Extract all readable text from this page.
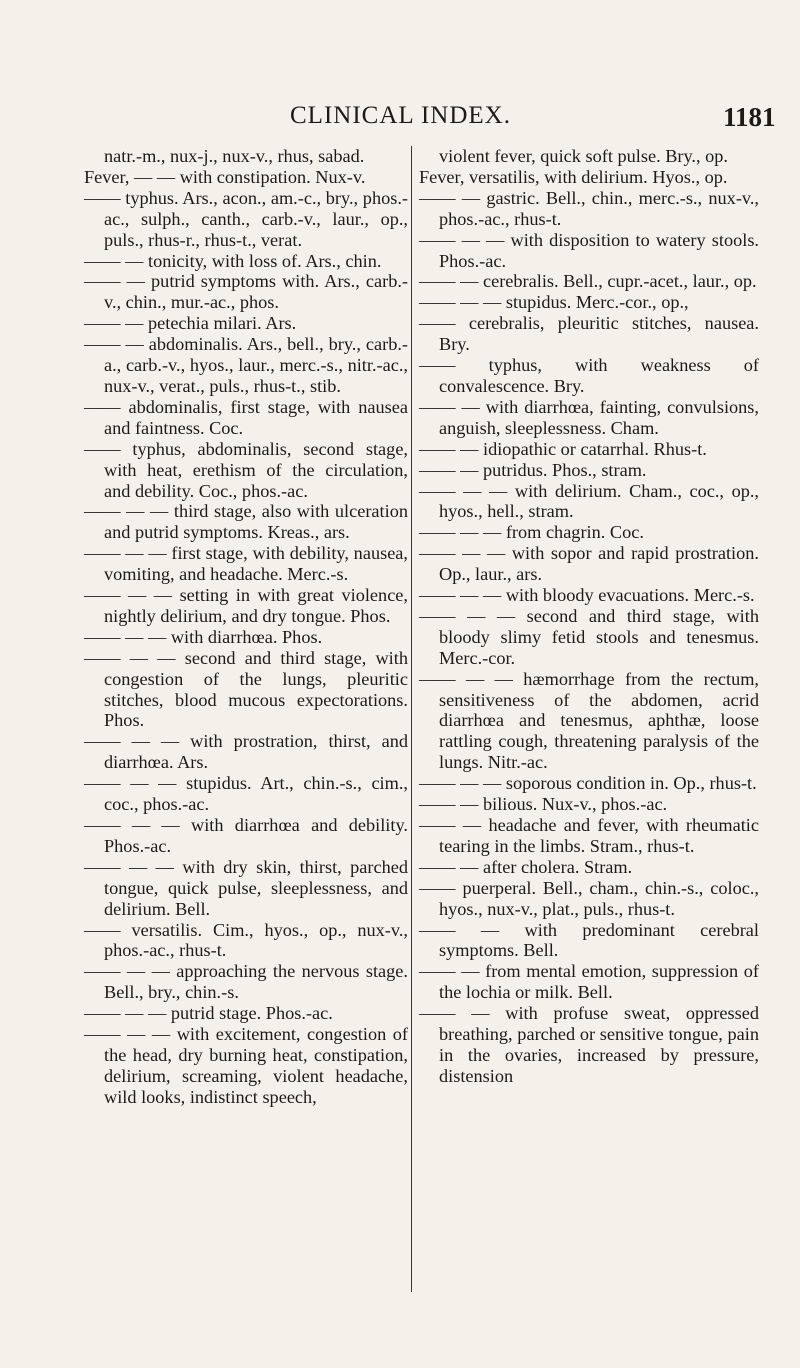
CLINICAL INDEX.	1181

natr.-m., nux-j., nux-v., rhus, sabad.

Fever, — — with constipation. Nux-v.

—— typhus. Ars., acon., am.-c., bry., phos.-ac., sulph., canth., carb.-v., laur., op., puls., rhus-r., rhus-t., verat.

—— — tonicity, with loss of. Ars., chin.

—— — putrid symptoms with. Ars., carb.-v., chin., mur.-ac., phos.

—— — petechia milari. Ars.

—— — abdominalis. Ars., bell., bry., carb.-a., carb.-v., hyos., laur., merc.-s., nitr.-ac., nux-v., verat., puls., rhus-t., stib.

—— abdominalis, first stage, with nausea and faintness. Coc.

—— typhus, abdominalis, second stage, with heat, erethism of the circulation, and debility. Coc., phos.-ac.

—— — — third stage, also with ulceration and putrid symptoms. Kreas., ars.

—— — — first stage, with debility, nausea, vomiting, and headache. Merc.-s.

—— — — setting in with great violence, nightly delirium, and dry tongue. Phos.

—— — — with diarrhœa. Phos.

—— — — second and third stage, with congestion of the lungs, pleuritic stitches, blood mucous expectorations. Phos.

—— — — with prostration, thirst, and diarrhœa. Ars.

—— — — stupidus. Art., chin.-s., cim., coc., phos.-ac.

—— — — with diarrhœa and debility. Phos.-ac.

—— — — with dry skin, thirst, parched tongue, quick pulse, sleeplessness, and delirium. Bell.

—— versatilis. Cim., hyos., op., nux-v., phos.-ac., rhus-t.

—— — — approaching the nervous stage. Bell., bry., chin.-s.

—— — — putrid stage. Phos.-ac.

—— — — with excitement, congestion of the head, dry burning heat, constipation, delirium, screaming, violent headache, wild looks, indistinct speech,

violent fever, quick soft pulse. Bry., op.

Fever, versatilis, with delirium. Hyos., op.

—— — gastric. Bell., chin., merc.-s., nux-v., phos.-ac., rhus-t.

—— — — with disposition to watery stools. Phos.-ac.

—— — cerebralis. Bell., cupr.-acet., laur., op.

—— — — stupidus. Merc.-cor., op.,

—— cerebralis, pleuritic stitches, nausea. Bry.

—— typhus, with weakness of convalescence. Bry.

—— — with diarrhœa, fainting, convulsions, anguish, sleeplessness. Cham.

—— — idiopathic or catarrhal. Rhus-t.

—— — putridus. Phos., stram.

—— — — with delirium. Cham., coc., op., hyos., hell., stram.

—— — — from chagrin. Coc.

—— — — with sopor and rapid prostration. Op., laur., ars.

—— — — with bloody evacuations. Merc.-s.

—— — — second and third stage, with bloody slimy fetid stools and tenesmus. Merc.-cor.

—— — — hæmorrhage from the rectum, sensitiveness of the abdomen, acrid diarrhœa and tenesmus, aphthæ, loose rattling cough, threatening paralysis of the lungs. Nitr.-ac.

—— — — soporous condition in. Op., rhus-t.

—— — bilious. Nux-v., phos.-ac.

—— — headache and fever, with rheumatic tearing in the limbs. Stram., rhus-t.

—— — after cholera. Stram.

—— puerperal. Bell., cham., chin.-s., coloc., hyos., nux-v., plat., puls., rhus-t.

—— — with predominant cerebral symptoms. Bell.

—— — from mental emotion, suppression of the lochia or milk. Bell.

—— — with profuse sweat, oppressed breathing, parched or sensitive tongue, pain in the ovaries, increased by pressure, distension
